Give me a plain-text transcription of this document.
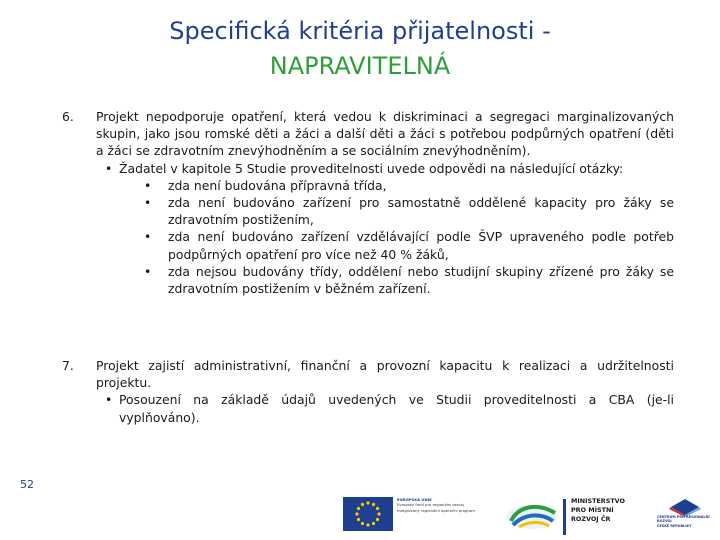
Specifická kritéria přijatelnosti -
NAPRAVITELNÁ
6.	Projekt nepodporuje opatření, která vedou k diskriminaci a segregaci marginalizovaných skupin, jako jsou romské děti a žáci a další děti a žáci s potřebou podpůrných opatření (děti a žáci se zdravotním znevýhodněním a se sociálním znevýhodněním).
• Žadatel v kapitole 5 Studie proveditelnosti uvede odpovědi na následující otázky:
• zda není budována přípravná třída,
• zda není budováno zařízení pro samostatně oddělené kapacity pro žáky se zdravotním postižením,
• zda není budováno zařízení vzdělávající podle ŠVP upraveného podle potřeb podpůrných opatření pro více než 40 % žáků,
• zda nejsou budovány třídy, oddělení nebo studijní skupiny zřízené pro žáky se zdravotním postižením v běžném zařízení.
7.	Projekt zajistí administrativní, finanční a provozní kapacitu k realizaci a udržitelnosti projektu.
• Posouzení na základě údajů uvedených ve Studii proveditelnosti a CBA (je-li vyplňováno).
52
EVROPSKÁ UNIE
Evropský fond pro regionální rozvoj
Integrovaný regionální operační program
MINISTERSTVO
PRO MÍSTNÍ
ROZVOJ ČR	CENTRUM PRO REGIONÁLNÍ ROZVOJ
ČESKÉ REPUBLIKY
